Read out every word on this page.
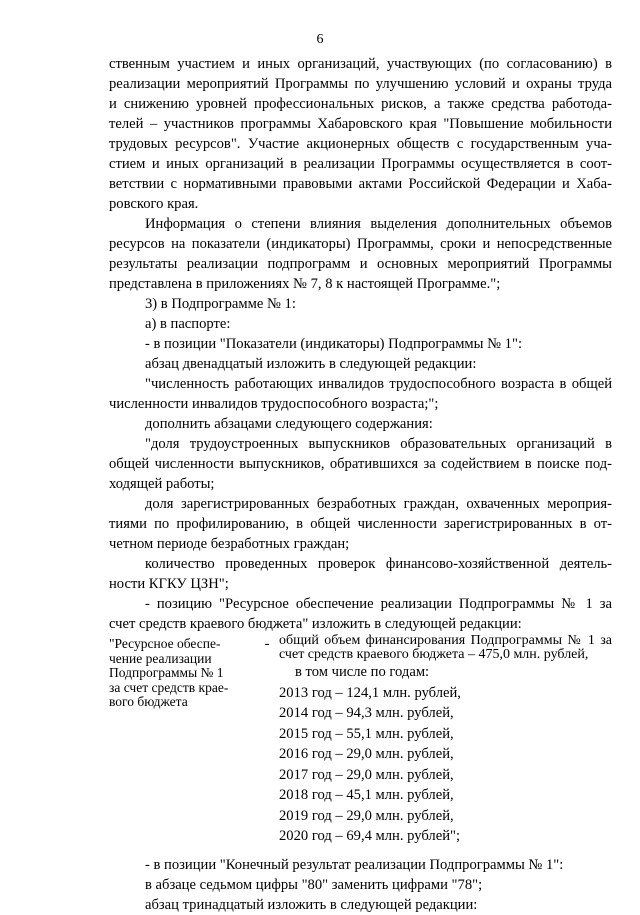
6

ственным участием и иных организаций, участвующих (по согласованию) в

реализации мероприятий Программы по улучшению условий и охраны труда

и снижению уровней профессиональных рисков, а также средства работода-

телей – участников программы Хабаровского края "Повышение мобильности

трудовых ресурсов". Участие акционерных обществ с государственным уча-

стием и иных организаций в реализации Программы осуществляется в соот-

ветствии с нормативными правовыми актами Российской Федерации и Хаба-

ровского края.

Информация о степени влияния выделения дополнительных объемов

ресурсов на показатели (индикаторы) Программы, сроки и непосредственные

результаты реализации подпрограмм и основных мероприятий Программы

представлена в приложениях № 7, 8 к настоящей Программе.";

3) в Подпрограмме № 1:

а) в паспорте:

- в позиции "Показатели (индикаторы) Подпрограммы № 1":

абзац двенадцатый изложить в следующей редакции:

"численность работающих инвалидов трудоспособного возраста в общей

численности инвалидов трудоспособного возраста;";

дополнить абзацами следующего содержания:

"доля трудоустроенных выпускников образовательных организаций в

общей численности выпускников, обратившихся за содействием в поиске под-

ходящей работы;

доля зарегистрированных безработных граждан, охваченных мероприя-

тиями по профилированию, в общей численности зарегистрированных в от-

четном периоде безработных граждан;

количество проведенных проверок финансово-хозяйственной деятель-

ности КГКУ ЦЗН";

- позицию "Ресурсное обеспечение реализации Подпрограммы № 1 за

счет средств краевого бюджета" изложить в следующей редакции:

"Ресурсное обеспе-
чение реализации
Подпрограммы № 1
за счет средств крае-
вого бюджета
- общий объем финансирования Подпрограммы № 1 за

счет средств краевого бюджета – 475,0 млн. рублей,

в том числе по годам:

2013 год – 124,1 млн. рублей,

2014 год – 94,3 млн. рублей,

2015 год – 55,1 млн. рублей,

2016 год – 29,0 млн. рублей,

2017 год – 29,0 млн. рублей,

2018 год – 45,1 млн. рублей,

2019 год – 29,0 млн. рублей,

2020 год – 69,4 млн. рублей";

- в позиции "Конечный результат реализации Подпрограммы № 1":

в абзаце седьмом цифры "80" заменить цифрами "78";

абзац тринадцатый изложить в следующей редакции:
